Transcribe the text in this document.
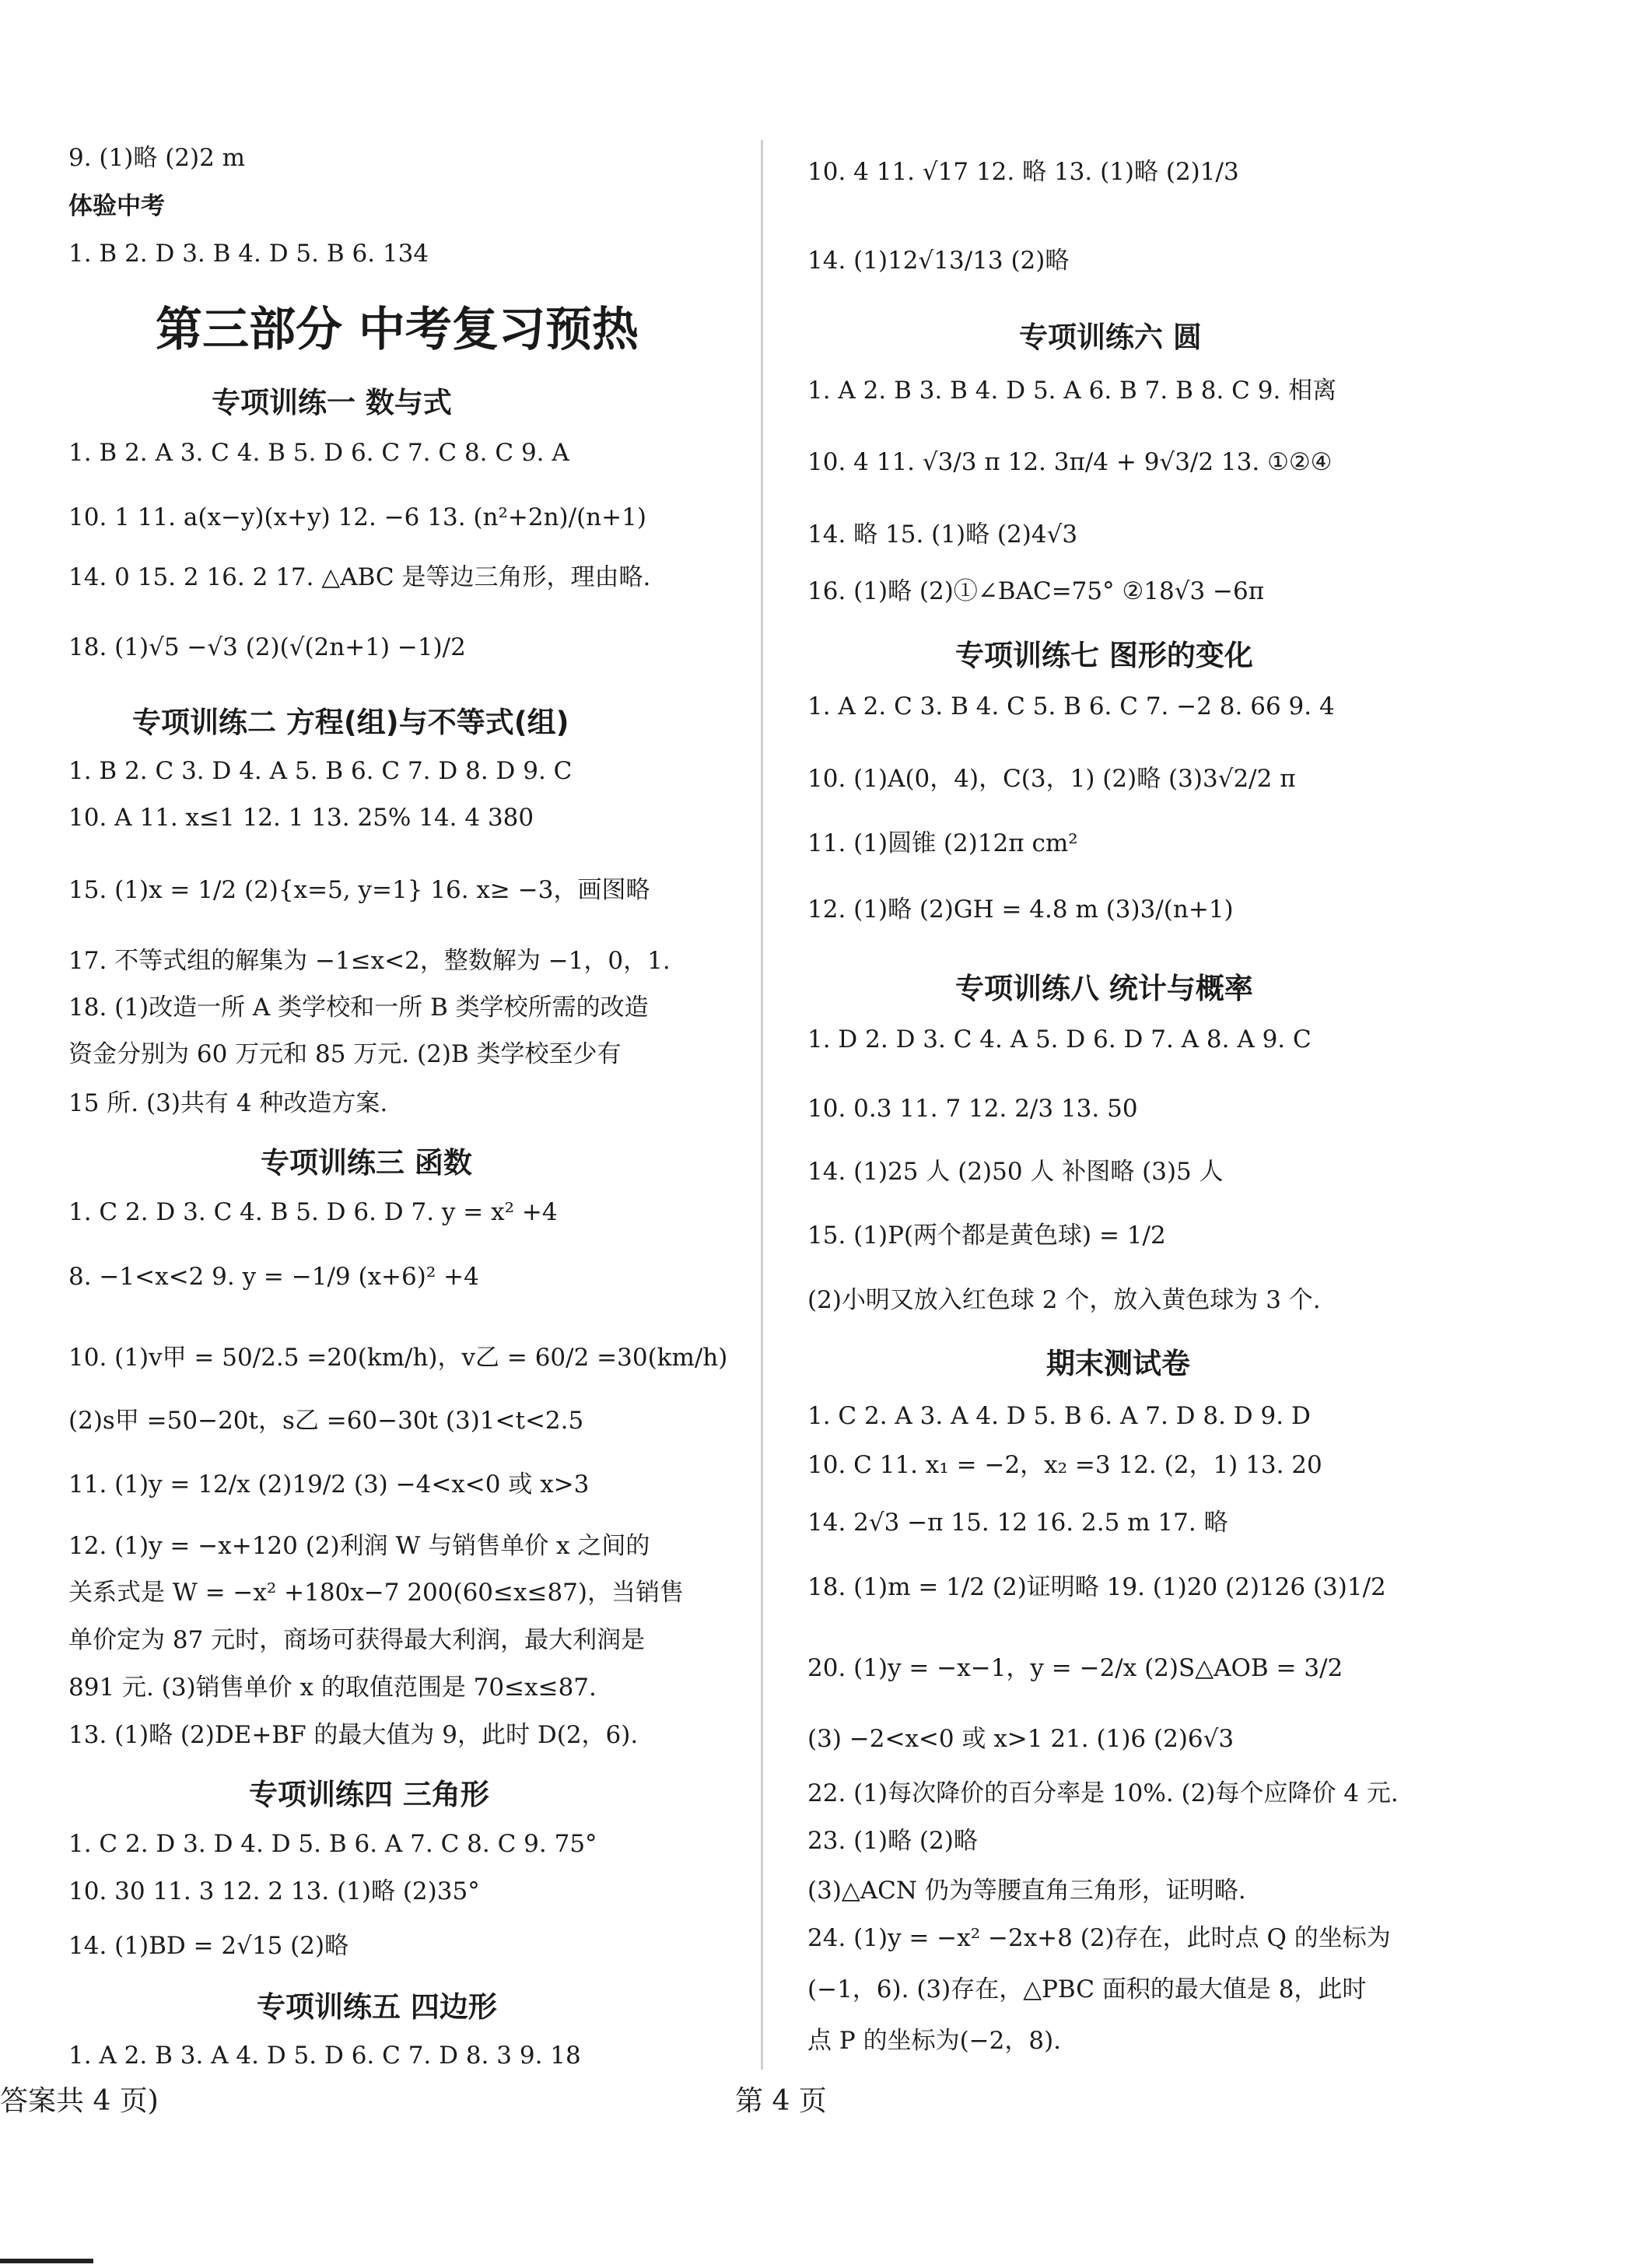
9. (1)略 (2)2 m
体验中考
1. B 2. D 3. B 4. D 5. B 6. 134
第三部分 中考复习预热
专项训练一 数与式
1. B 2. A 3. C 4. B 5. D 6. C 7. C 8. C 9. A
10. 1 11. a(x−y)(x+y) 12. −6 13. (n²+2n)/(n+1)
14. 0 15. 2 16. 2 17. △ABC 是等边三角形，理由略.
18. (1)√5 −√3 (2)(√(2n+1) −1)/2
专项训练二 方程(组)与不等式(组)
1. B 2. C 3. D 4. A 5. B 6. C 7. D 8. D 9. C
10. A 11. x≤1 12. 1 13. 25% 14. 4 380
15. (1)x = 1/2 (2){x=5, y=1} 16. x≥ −3，画图略
17. 不等式组的解集为 −1≤x<2，整数解为 −1，0，1.
18. (1)改造一所 A 类学校和一所 B 类学校所需的改造
资金分别为 60 万元和 85 万元. (2)B 类学校至少有
15 所. (3)共有 4 种改造方案.
专项训练三 函数
1. C 2. D 3. C 4. B 5. D 6. D 7. y = x² +4
8. −1<x<2 9. y = −1/9 (x+6)² +4
10. (1)v甲 = 50/2.5 =20(km/h)，v乙 = 60/2 =30(km/h)
(2)s甲 =50−20t，s乙 =60−30t (3)1<t<2.5
11. (1)y = 12/x (2)19/2 (3) −4<x<0 或 x>3
12. (1)y = −x+120 (2)利润 W 与销售单价 x 之间的
关系式是 W = −x² +180x−7 200(60≤x≤87)，当销售
单价定为 87 元时，商场可获得最大利润，最大利润是
891 元. (3)销售单价 x 的取值范围是 70≤x≤87.
13. (1)略 (2)DE+BF 的最大值为 9，此时 D(2，6).
专项训练四 三角形
1. C 2. D 3. D 4. D 5. B 6. A 7. C 8. C 9. 75°
10. 30 11. 3 12. 2 13. (1)略 (2)35°
14. (1)BD = 2√15 (2)略
专项训练五 四边形
1. A 2. B 3. A 4. D 5. D 6. C 7. D 8. 3 9. 18
10. 4 11. √17 12. 略 13. (1)略 (2)1/3
14. (1)12√13/13 (2)略
专项训练六 圆
1. A 2. B 3. B 4. D 5. A 6. B 7. B 8. C 9. 相离
10. 4 11. √3/3 π 12. 3π/4 + 9√3/2 13. ①②④
14. 略 15. (1)略 (2)4√3
16. (1)略 (2)①∠BAC=75° ②18√3 −6π
专项训练七 图形的变化
1. A 2. C 3. B 4. C 5. B 6. C 7. −2 8. 66 9. 4
10. (1)A(0，4)，C(3，1) (2)略 (3)3√2/2 π
11. (1)圆锥 (2)12π cm²
12. (1)略 (2)GH = 4.8 m (3)3/(n+1)
专项训练八 统计与概率
1. D 2. D 3. C 4. A 5. D 6. D 7. A 8. A 9. C
10. 0.3 11. 7 12. 2/3 13. 50
14. (1)25 人 (2)50 人 补图略 (3)5 人
15. (1)P(两个都是黄色球) = 1/2
(2)小明又放入红色球 2 个，放入黄色球为 3 个.
期末测试卷
1. C 2. A 3. A 4. D 5. B 6. A 7. D 8. D 9. D
10. C 11. x₁ = −2，x₂ =3 12. (2，1) 13. 20
14. 2√3 −π 15. 12 16. 2.5 m 17. 略
18. (1)m = 1/2 (2)证明略 19. (1)20 (2)126 (3)1/2
20. (1)y = −x−1，y = −2/x (2)S△AOB = 3/2
(3) −2<x<0 或 x>1 21. (1)6 (2)6√3
22. (1)每次降价的百分率是 10%. (2)每个应降价 4 元.
23. (1)略 (2)略
(3)△ACN 仍为等腰直角三角形，证明略.
24. (1)y = −x² −2x+8 (2)存在，此时点 Q 的坐标为
(−1，6). (3)存在，△PBC 面积的最大值是 8，此时
点 P 的坐标为(−2，8).
答案共 4 页)	第 4 页
